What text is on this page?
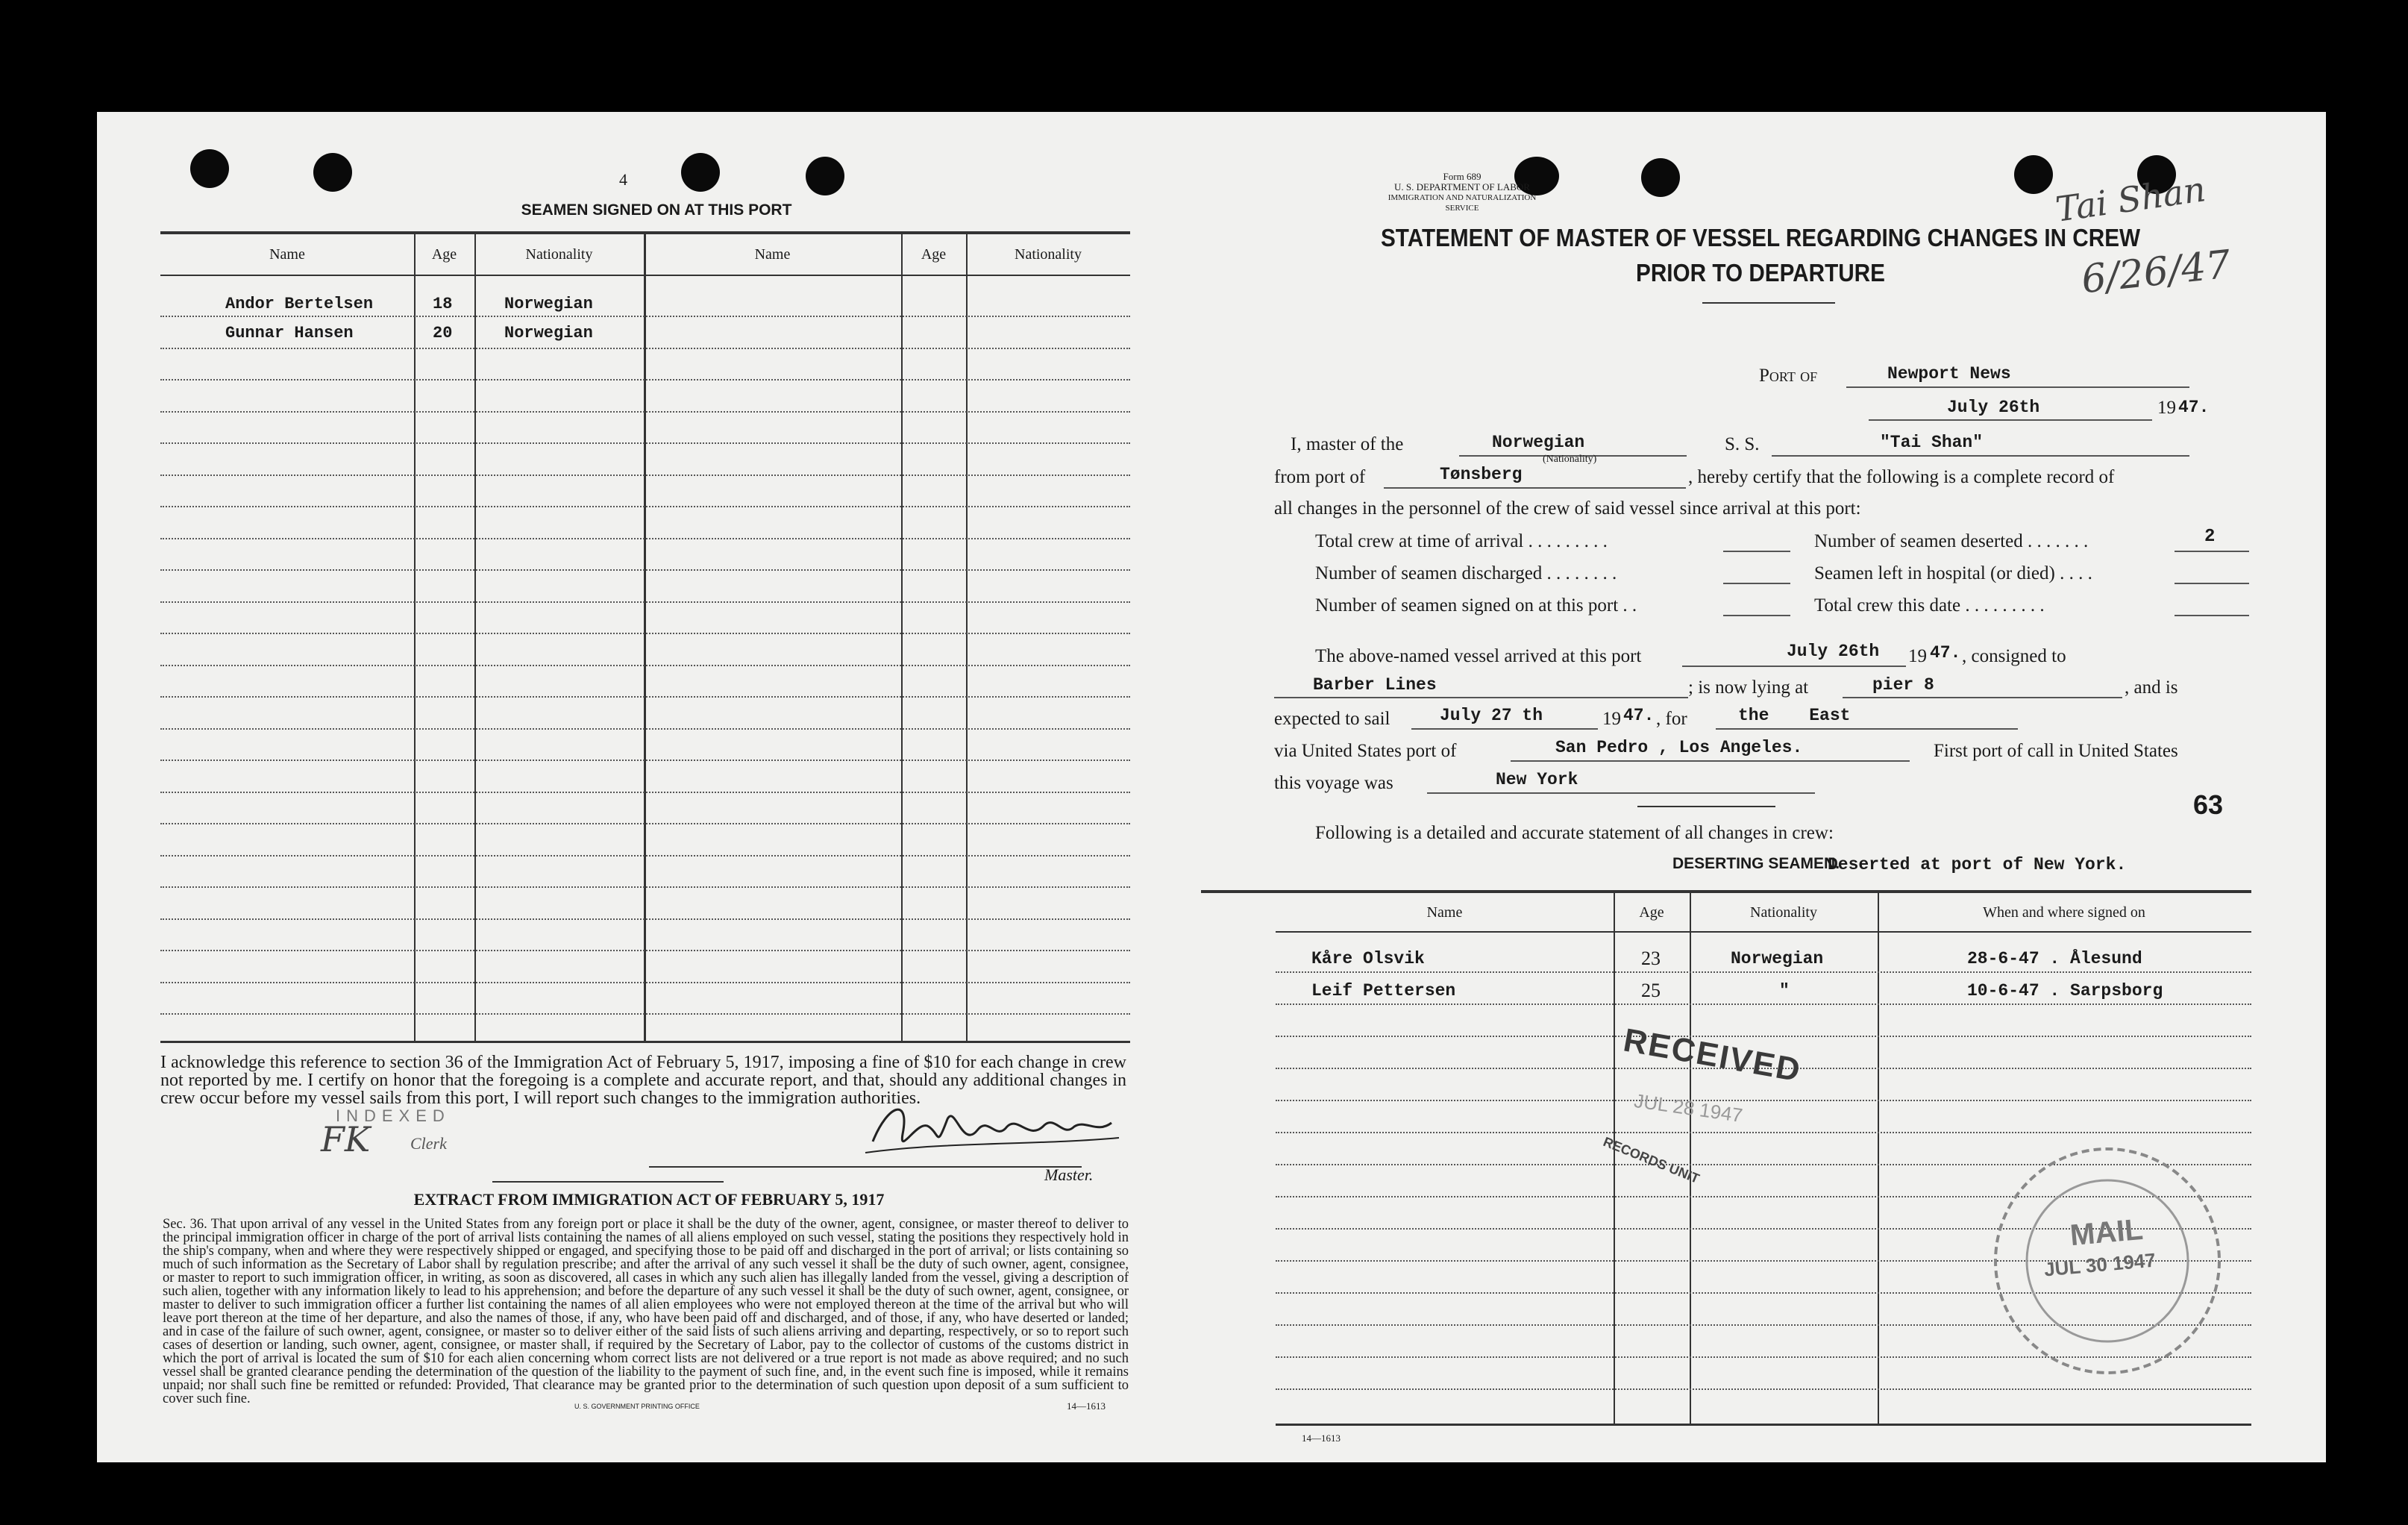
4
SEAMEN SIGNED ON AT THIS PORT
Name	Age	Nationality	Name	Age	Nationality
Andor Bertelsen	18	Norwegian
Gunnar Hansen	20	Norwegian
I acknowledge this reference to section 36 of the Immigration Act of February 5, 1917, imposing a fine of $10 for each change in crew not reported by me. I certify on honor that the foregoing is a complete and accurate report, and that, should any additional changes in crew occur before my vessel sails from this port, I will report such changes to the immigration authorities.
INDEXED
FK Clerk
Master.
EXTRACT FROM IMMIGRATION ACT OF FEBRUARY 5, 1917
Sec. 36. That upon arrival of any vessel in the United States from any foreign port or place it shall be the duty of the owner, agent, consignee, or master thereof to deliver to the principal immigration officer in charge of the port of arrival lists containing the names of all aliens employed on such vessel, stating the positions they respectively hold in the ship's company, when and where they were respectively shipped or engaged, and specifying those to be paid off and discharged in the port of arrival; or lists containing so much of such information as the Secretary of Labor shall by regulation prescribe; and after the arrival of any such vessel it shall be the duty of such owner, agent, consignee, or master to report to such immigration officer, in writing, as soon as discovered, all cases in which any such alien has illegally landed from the vessel, giving a description of such alien, together with any information likely to lead to his apprehension; and before the departure of any such vessel it shall be the duty of such owner, agent, consignee, or master to deliver to such immigration officer a further list containing the names of all alien employees who were not employed thereon at the time of the arrival but who will leave port thereon at the time of her departure, and also the names of those, if any, who have been paid off and discharged, and of those, if any, who have deserted or landed; and in case of the failure of such owner, agent, consignee, or master so to deliver either of the said lists of such aliens arriving and departing, respectively, or so to report such cases of desertion or landing, such owner, agent, consignee, or master shall, if required by the Secretary of Labor, pay to the collector of customs of the customs district in which the port of arrival is located the sum of $10 for each alien concerning whom correct lists are not delivered or a true report is not made as above required; and no such vessel shall be granted clearance pending the determination of the question of the liability to the payment of such fine, and, in the event such fine is imposed, while it remains unpaid; nor shall such fine be remitted or refunded: Provided, That clearance may be granted prior to the determination of such question upon deposit of a sum sufficient to cover such fine.	U. S. GOVERNMENT PRINTING OFFICE	14—1613
Form 689
U. S. DEPARTMENT OF LABOR
IMMIGRATION AND NATURALIZATION SERVICE
STATEMENT OF MASTER OF VESSEL REGARDING CHANGES IN CREW
PRIOR TO DEPARTURE
Tai Shan
6/26/47
Port of	Newport News
July 26th	19 47.
I, master of the	Norwegian
(Nationality)
S. S.	"Tai Shan"
from port of	Tønsberg	, hereby certify that the following is a complete record of
all changes in the personnel of the crew of said vessel since arrival at this port:
Total crew at time of arrival . . . . . . . . .	Number of seamen deserted . . . . . . .	2
Number of seamen discharged . . . . . . . .	Seamen left in hospital (or died) . . . .
Number of seamen signed on at this port . .	Total crew this date . . . . . . . . .
The above-named vessel arrived at this port	July 26th 19 47. , consigned to
Barber Lines	; is now lying at	pier 8	, and is
expected to sail	July 27 th	19 47. , for	the East
via United States port of	San Pedro , Los Angeles.	First port of call in United States
this voyage was	New York
63
Following is a detailed and accurate statement of all changes in crew:
DESERTING SEAMEN.
Deserted at port of New York.
Name	Age	Nationality	When and where signed on
Kåre Olsvik	23	Norwegian	28-6-47 . Ålesund
Leif Pettersen	25	"	10-6-47 . Sarpsborg
RECEIVED
JUL 28 1947
RECORDS UNIT
MAIL
JUL 30 1947
14—1613
